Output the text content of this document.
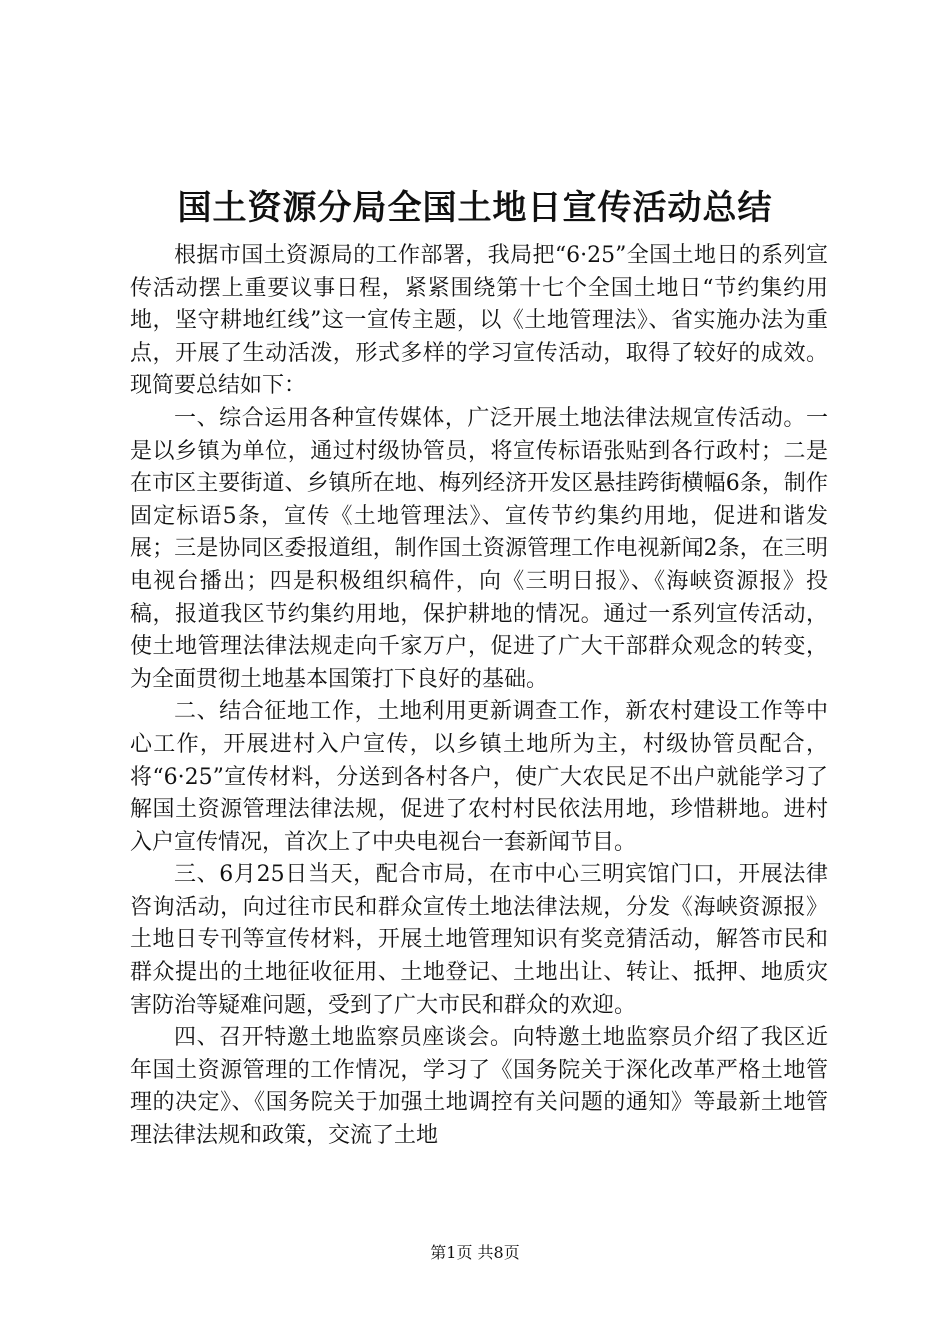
国土资源分局全国土地日宣传活动总结

根据市国土资源局的工作部署，我局把“6·25”全国土地日的系列宣传活动摆上重要议事日程，紧紧围绕第十七个全国土地日“节约集约用地，坚守耕地红线”这一宣传主题，以《土地管理法》、省实施办法为重点，开展了生动活泼，形式多样的学习宣传活动，取得了较好的成效。现简要总结如下：

一、综合运用各种宣传媒体，广泛开展土地法律法规宣传活动。一是以乡镇为单位，通过村级协管员，将宣传标语张贴到各行政村；二是在市区主要街道、乡镇所在地、梅列经济开发区悬挂跨街横幅6条，制作固定标语5条，宣传《土地管理法》、宣传节约集约用地，促进和谐发展；三是协同区委报道组，制作国土资源管理工作电视新闻2条，在三明电视台播出；四是积极组织稿件，向《三明日报》、《海峡资源报》投稿，报道我区节约集约用地，保护耕地的情况。通过一系列宣传活动，使土地管理法律法规走向千家万户，促进了广大干部群众观念的转变，为全面贯彻土地基本国策打下良好的基础。

二、结合征地工作，土地利用更新调查工作，新农村建设工作等中心工作，开展进村入户宣传，以乡镇土地所为主，村级协管员配合，将“6·25”宣传材料，分送到各村各户，使广大农民足不出户就能学习了解国土资源管理法律法规，促进了农村村民依法用地，珍惜耕地。进村入户宣传情况，首次上了中央电视台一套新闻节目。

三、6月25日当天，配合市局，在市中心三明宾馆门口，开展法律咨询活动，向过往市民和群众宣传土地法律法规，分发《海峡资源报》土地日专刊等宣传材料，开展土地管理知识有奖竞猜活动，解答市民和群众提出的土地征收征用、土地登记、土地出让、转让、抵押、地质灾害防治等疑难问题，受到了广大市民和群众的欢迎。

四、召开特邀土地监察员座谈会。向特邀土地监察员介绍了我区近年国土资源管理的工作情况，学习了《国务院关于深化改革严格土地管理的决定》、《国务院关于加强土地调控有关问题的通知》等最新土地管理法律法规和政策，交流了土地

第1页 共8页
